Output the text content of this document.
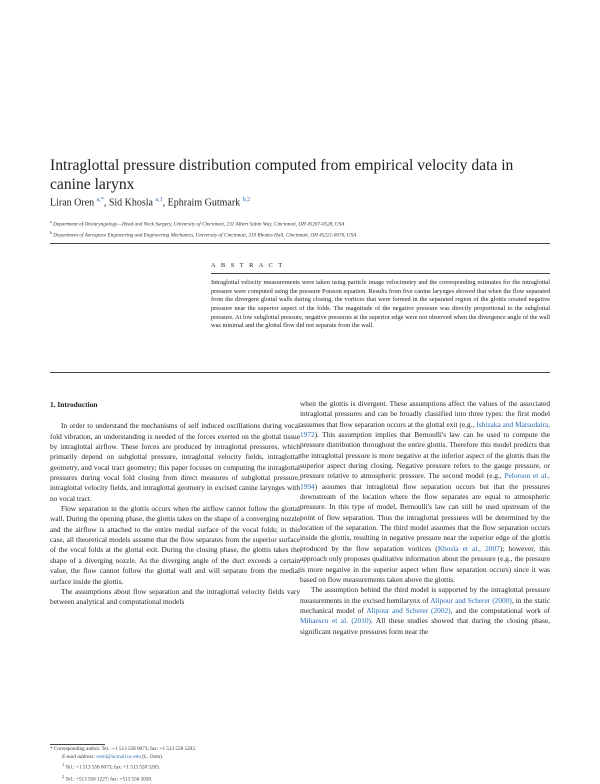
Intraglottal pressure distribution computed from empirical velocity data in canine larynx
Liran Oren $^{a,*}$, Sid Khosla $^{a,1}$, Ephraim Gutmark $^{b,2}$
$^a$ Department of Otolaryngology—Head and Neck Surgery, University of Cincinnati, 231 Albert Sabin Way, Cincinnati, OH 45267-0528, USA
$^b$ Department of Aerospace Engineering and Engineering Mechanics, University of Cincinnati, 310 Rhodes Hall, Cincinnati, OH 45221-0070, USA
A B S T R A C T
Intraglottal velocity measurements were taken using particle image velocimetry and the corresponding estimates for the intraglottal pressure were computed using the pressure Poisson equation. Results from five canine larynges showed that when the flow separated from the divergent glottal walls during closing, the vortices that were formed in the separated region of the glottis created negative pressure near the superior aspect of the folds. The magnitude of the negative pressure was directly proportional to the subglottal pressure. At low subglottal pressure, negative pressures at the superior edge were not observed when the divergence angle of the wall was minimal and the glottal flow did not separate from the wall.
1. Introduction

In order to understand the mechanisms of self induced oscillations during vocal fold vibration, an understanding is needed of the forces exerted on the glottal tissue by intraglottal airflow. These forces are produced by intraglottal pressures, which primarily depend on subglottal pressure, intraglottal velocity fields, intraglottal geometry, and vocal tract geometry; this paper focuses on computing the intraglottal pressures during vocal fold closing from direct measures of subglottal pressure, intraglottal velocity fields, and intraglottal geometry in excised canine larynges with no vocal tract.

Flow separation in the glottis occurs when the airflow cannot follow the glottal wall. During the opening phase, the glottis takes on the shape of a converging nozzle and the airflow is attached to the entire medial surface of the vocal folds; in this case, all theoretical models assume that the flow separates from the superior surface of the vocal folds at the glottal exit. During the closing phase, the glottis takes the shape of a diverging nozzle. As the diverging angle of the duct exceeds a certain value, the flow cannot follow the glottal wall and will separate from the medial surface inside the glottis.

The assumptions about flow separation and the intraglottal velocity fields vary between analytical and computational models

when the glottis is divergent. These assumptions affect the values of the associated intraglottal pressures and can be broadly classified into three types: the first model assumes that flow separation occurs at the glottal exit (e.g., Ishizaka and Matsudaira, 1972). This assumption implies that Bernoulli's law can be used to compute the pressure distribution throughout the entire glottis. Therefore this model predicts that the intraglottal pressure is more negative at the inferior aspect of the glottis than the superior aspect during closing. Negative pressure refers to the gauge pressure, or pressure relative to atmospheric pressure. The second model (e.g., Pelorson et al., 1994) assumes that intraglottal flow separation occurs but that the pressures downstream of the location where the flow separates are equal to atmospheric pressure. In this type of model, Bernoulli's law can still be used upstream of the point of flow separation. Thus the intraglottal pressures will be determined by the location of the separation. The third model assumes that the flow separation occurs inside the glottis, resulting in negative pressure near the superior edge of the glottis produced by the flow separation vortices (Khosla et al., 2007); however, this approach only proposes qualitative information about the pressure (e.g., the pressure is more negative in the superior aspect when flow separation occurs) since it was based on flow measurements taken above the glottis.

The assumption behind the third model is supported by the intraglottal pressure measurements in the excised hemilarynx of Alipour and Scherer (2000), in the static mechanical model of Alipour and Scherer (2002), and the computational work of Mihaescu et al. (2010). All these studies showed that during the closing phase, significant negative pressures form near the

* Corresponding author. Tel.: +1 513 558 0073; fax: +1 513 558 5203.
E-mail address: orenl@ucmail.uc.edu (L. Oren).
$^1$ Tel.: +1 513 558 0073; fax: +1 513 558 5203.
$^2$ Tel.: +513 556 1227; fax: +513 556 5038.
